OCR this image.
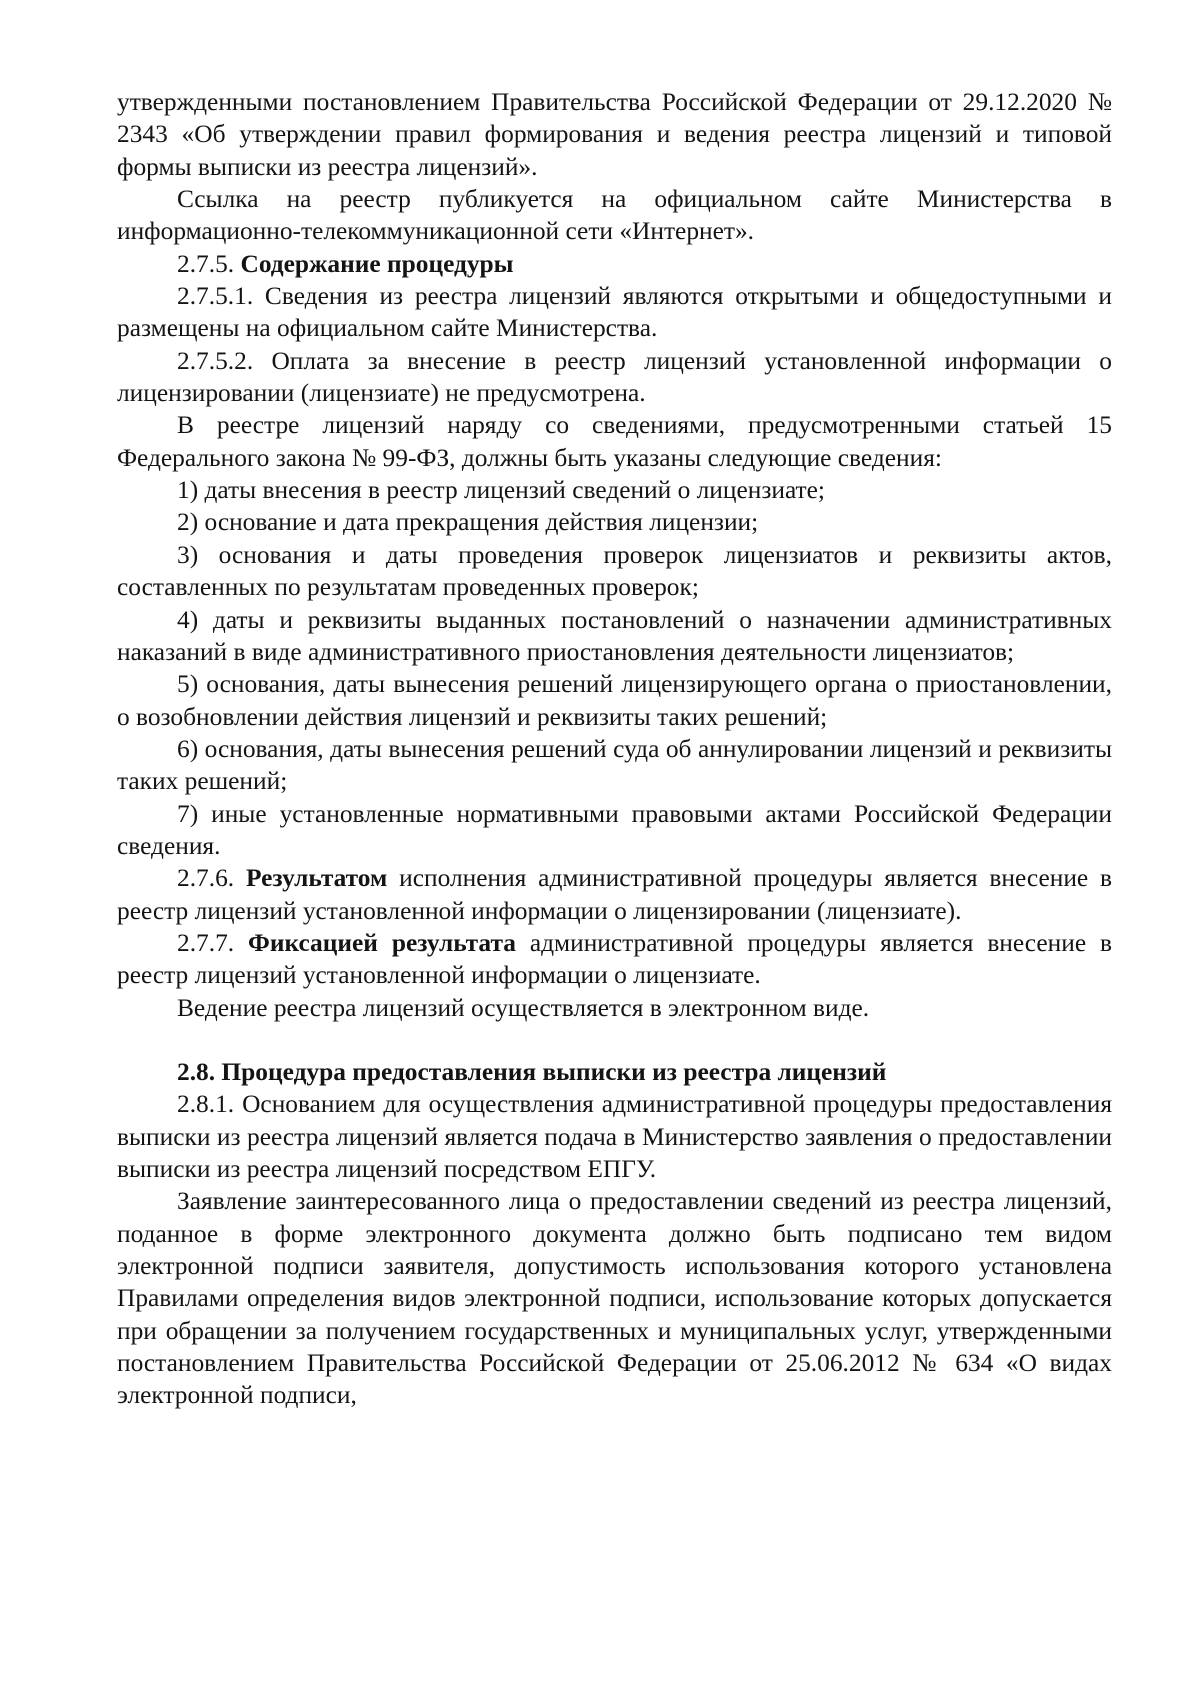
утвержденными постановлением Правительства Российской Федерации от 29.12.2020 № 2343 «Об утверждении правил формирования и ведения реестра лицензий и типовой формы выписки из реестра лицензий».

Ссылка на реестр публикуется на официальном сайте Министерства в информационно-телекоммуникационной сети «Интернет».

2.7.5. Содержание процедуры

2.7.5.1. Сведения из реестра лицензий являются открытыми и общедоступными и размещены на официальном сайте Министерства.

2.7.5.2. Оплата за внесение в реестр лицензий установленной информации о лицензировании (лицензиате) не предусмотрена.

В реестре лицензий наряду со сведениями, предусмотренными статьей 15 Федерального закона № 99-ФЗ, должны быть указаны следующие сведения:

1) даты внесения в реестр лицензий сведений о лицензиате;

2) основание и дата прекращения действия лицензии;

3) основания и даты проведения проверок лицензиатов и реквизиты актов, составленных по результатам проведенных проверок;

4) даты и реквизиты выданных постановлений о назначении административных наказаний в виде административного приостановления деятельности лицензиатов;

5) основания, даты вынесения решений лицензирующего органа о приостановлении, о возобновлении действия лицензий и реквизиты таких решений;

6) основания, даты вынесения решений суда об аннулировании лицензий и реквизиты таких решений;

7) иные установленные нормативными правовыми актами Российской Федерации сведения.

2.7.6. Результатом исполнения административной процедуры является внесение в реестр лицензий установленной информации о лицензировании (лицензиате).

2.7.7. Фиксацией результата административной процедуры является внесение в реестр лицензий установленной информации о лицензиате.

Ведение реестра лицензий осуществляется в электронном виде.

2.8. Процедура предоставления выписки из реестра лицензий

2.8.1. Основанием для осуществления административной процедуры предоставления выписки из реестра лицензий является подача в Министерство заявления о предоставлении выписки из реестра лицензий посредством ЕПГУ.

Заявление заинтересованного лица о предоставлении сведений из реестра лицензий, поданное в форме электронного документа должно быть подписано тем видом электронной подписи заявителя, допустимость использования которого установлена Правилами определения видов электронной подписи, использование которых допускается при обращении за получением государственных и муниципальных услуг, утвержденными постановлением Правительства Российской Федерации от 25.06.2012 № 634 «О видах электронной подписи,
